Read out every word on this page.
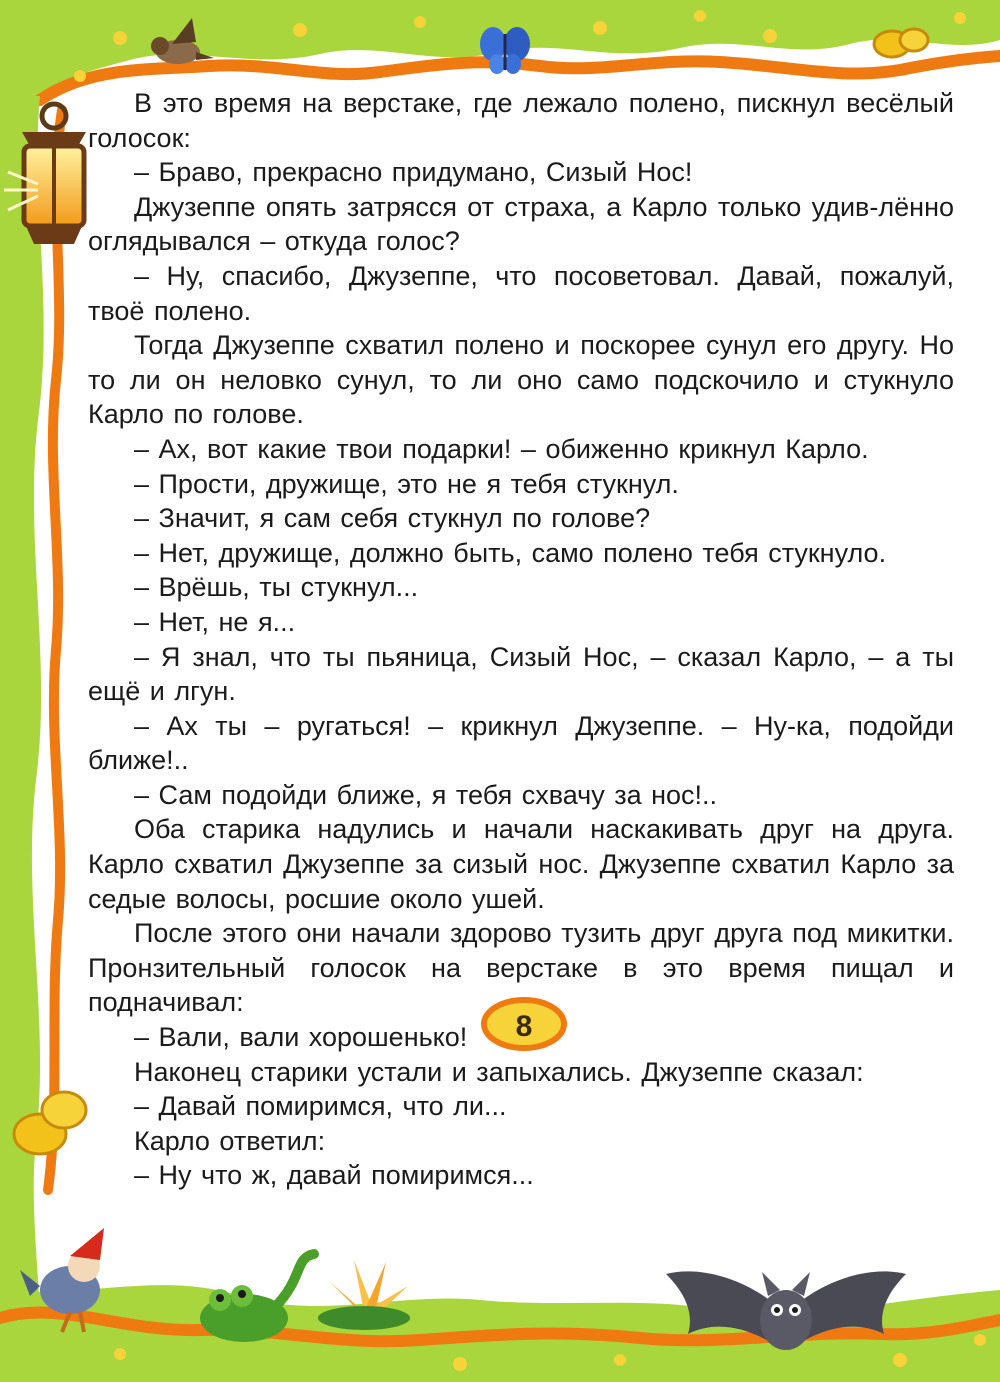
В это время на верстаке, где лежало полено, пискнул весёлый голосок:

– Браво, прекрасно придумано, Сизый Нос!

Джузеппе опять затрясся от страха, а Карло только удив-лённо оглядывался – откуда голос?

– Ну, спасибо, Джузеппе, что посоветовал. Давай, пожалуй, твоё полено.

Тогда Джузеппе схватил полено и поскорее сунул его другу. Но то ли он неловко сунул, то ли оно само подскочило и стукнуло Карло по голове.

– Ах, вот какие твои подарки! – обиженно крикнул Карло.

– Прости, дружище, это не я тебя стукнул.

– Значит, я сам себя стукнул по голове?

– Нет, дружище, должно быть, само полено тебя стукнуло.

– Врёшь, ты стукнул...

– Нет, не я...

– Я знал, что ты пьяница, Сизый Нос, – сказал Карло, – а ты ещё и лгун.

– Ах ты – ругаться! – крикнул Джузеппе. – Ну-ка, подойди ближе!..

– Сам подойди ближе, я тебя схвачу за нос!..

Оба старика надулись и начали наскакивать друг на друга. Карло схватил Джузеппе за сизый нос. Джузеппе схватил Карло за седые волосы, росшие около ушей.

После этого они начали здорово тузить друг друга под микитки. Пронзительный голосок на верстаке в это время пищал и подначивал:

– Вали, вали хорошенько!

Наконец старики устали и запыхались. Джузеппе сказал:

– Давай помиримся, что ли...

Карло ответил:

– Ну что ж, давай помиримся...

8
